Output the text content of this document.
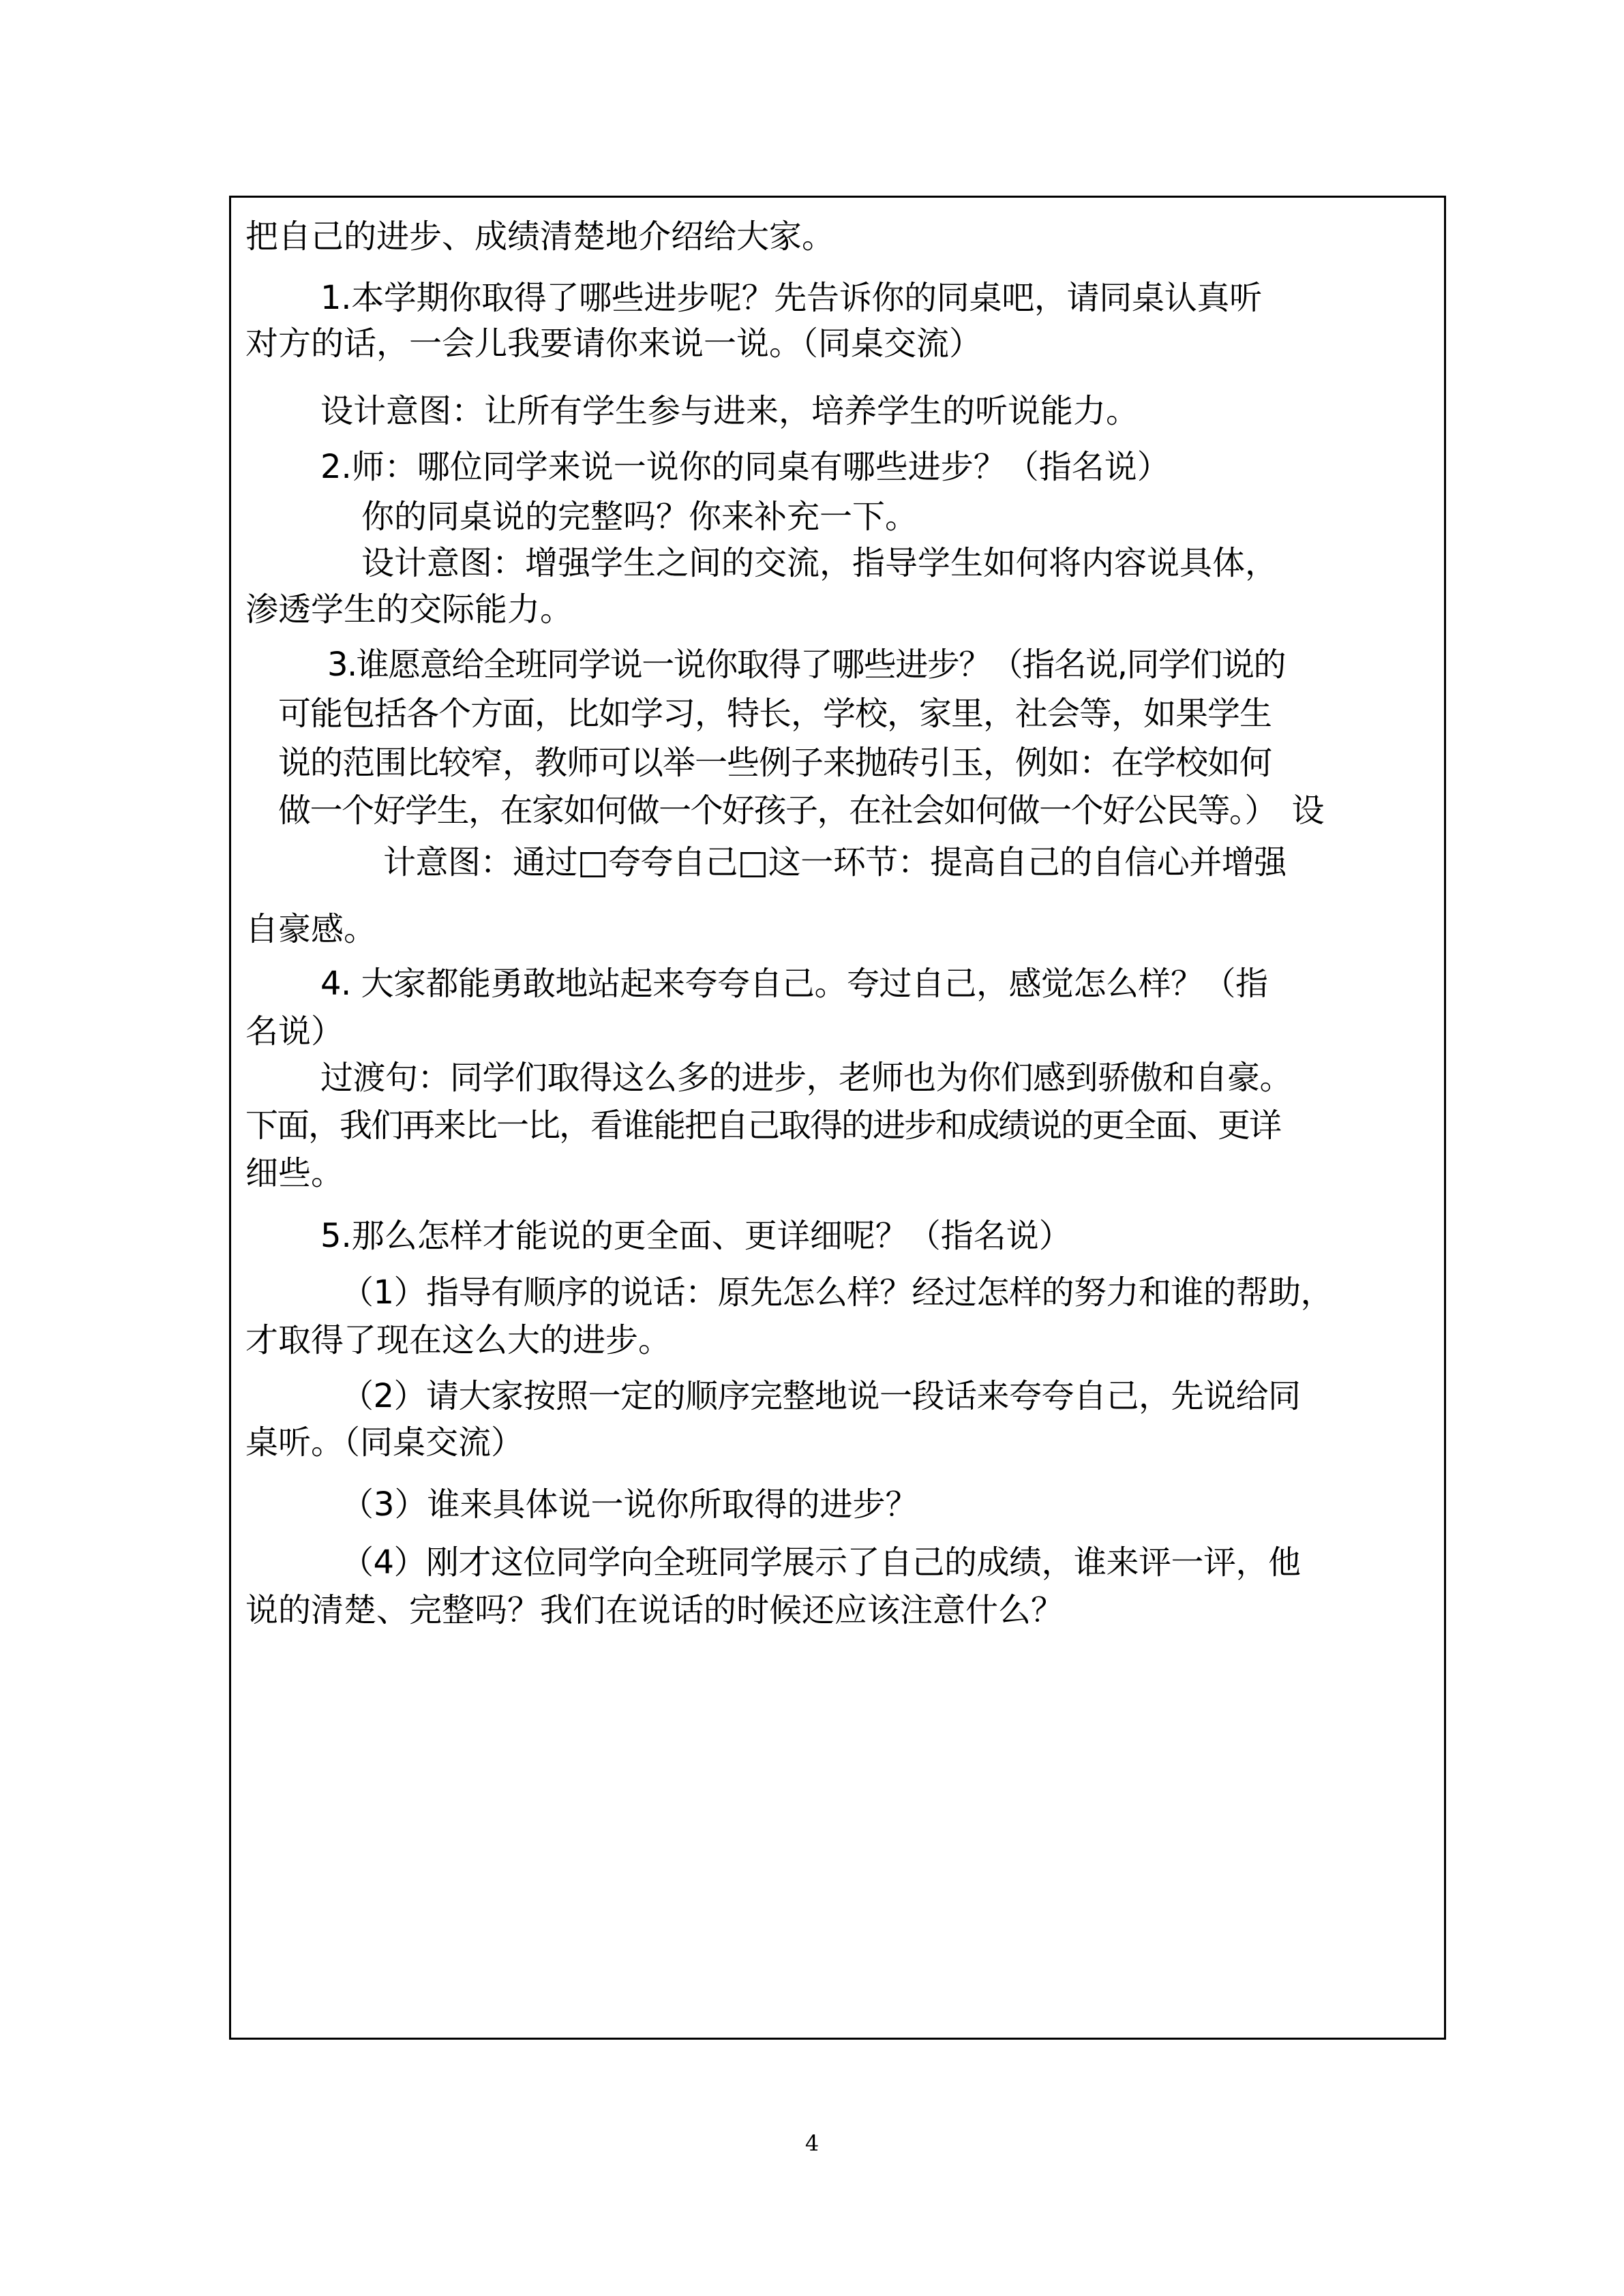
把自己的进步、成绩清楚地介绍给大家。
1.本学期你取得了哪些进步呢？先告诉你的同桌吧，请同桌认真听
对方的话，一会儿我要请你来说一说。（同桌交流）
设计意图：让所有学生参与进来，培养学生的听说能力。
2.师：哪位同学来说一说你的同桌有哪些进步？（指名说）
你的同桌说的完整吗？你来补充一下。
设计意图：增强学生之间的交流，指导学生如何将内容说具体，
渗透学生的交际能力。
3.谁愿意给全班同学说一说你取得了哪些进步？（指名说,同学们说的
可能包括各个方面，比如学习，特长，学校，家里，社会等，如果学生
说的范围比较窄，教师可以举一些例子来抛砖引玉，例如：在学校如何
做一个好学生，在家如何做一个好孩子，在社会如何做一个好公民等。）　设
计意图：通过□夸夸自己□这一环节：提高自己的自信心并增强
自豪感。
4. 大家都能勇敢地站起来夸夸自己。夸过自己，感觉怎么样？（指
名说）
过渡句：同学们取得这么多的进步，老师也为你们感到骄傲和自豪。
下面，我们再来比一比，看谁能把自己取得的进步和成绩说的更全面、更详
细些。
5.那么怎样才能说的更全面、更详细呢？（指名说）
（1）指导有顺序的说话：原先怎么样？经过怎样的努力和谁的帮助，
才取得了现在这么大的进步。
（2）请大家按照一定的顺序完整地说一段话来夸夸自己，先说给同
桌听。（同桌交流）
（3）谁来具体说一说你所取得的进步？
（4）刚才这位同学向全班同学展示了自己的成绩，谁来评一评，他
说的清楚、完整吗？我们在说话的时候还应该注意什么？
4
